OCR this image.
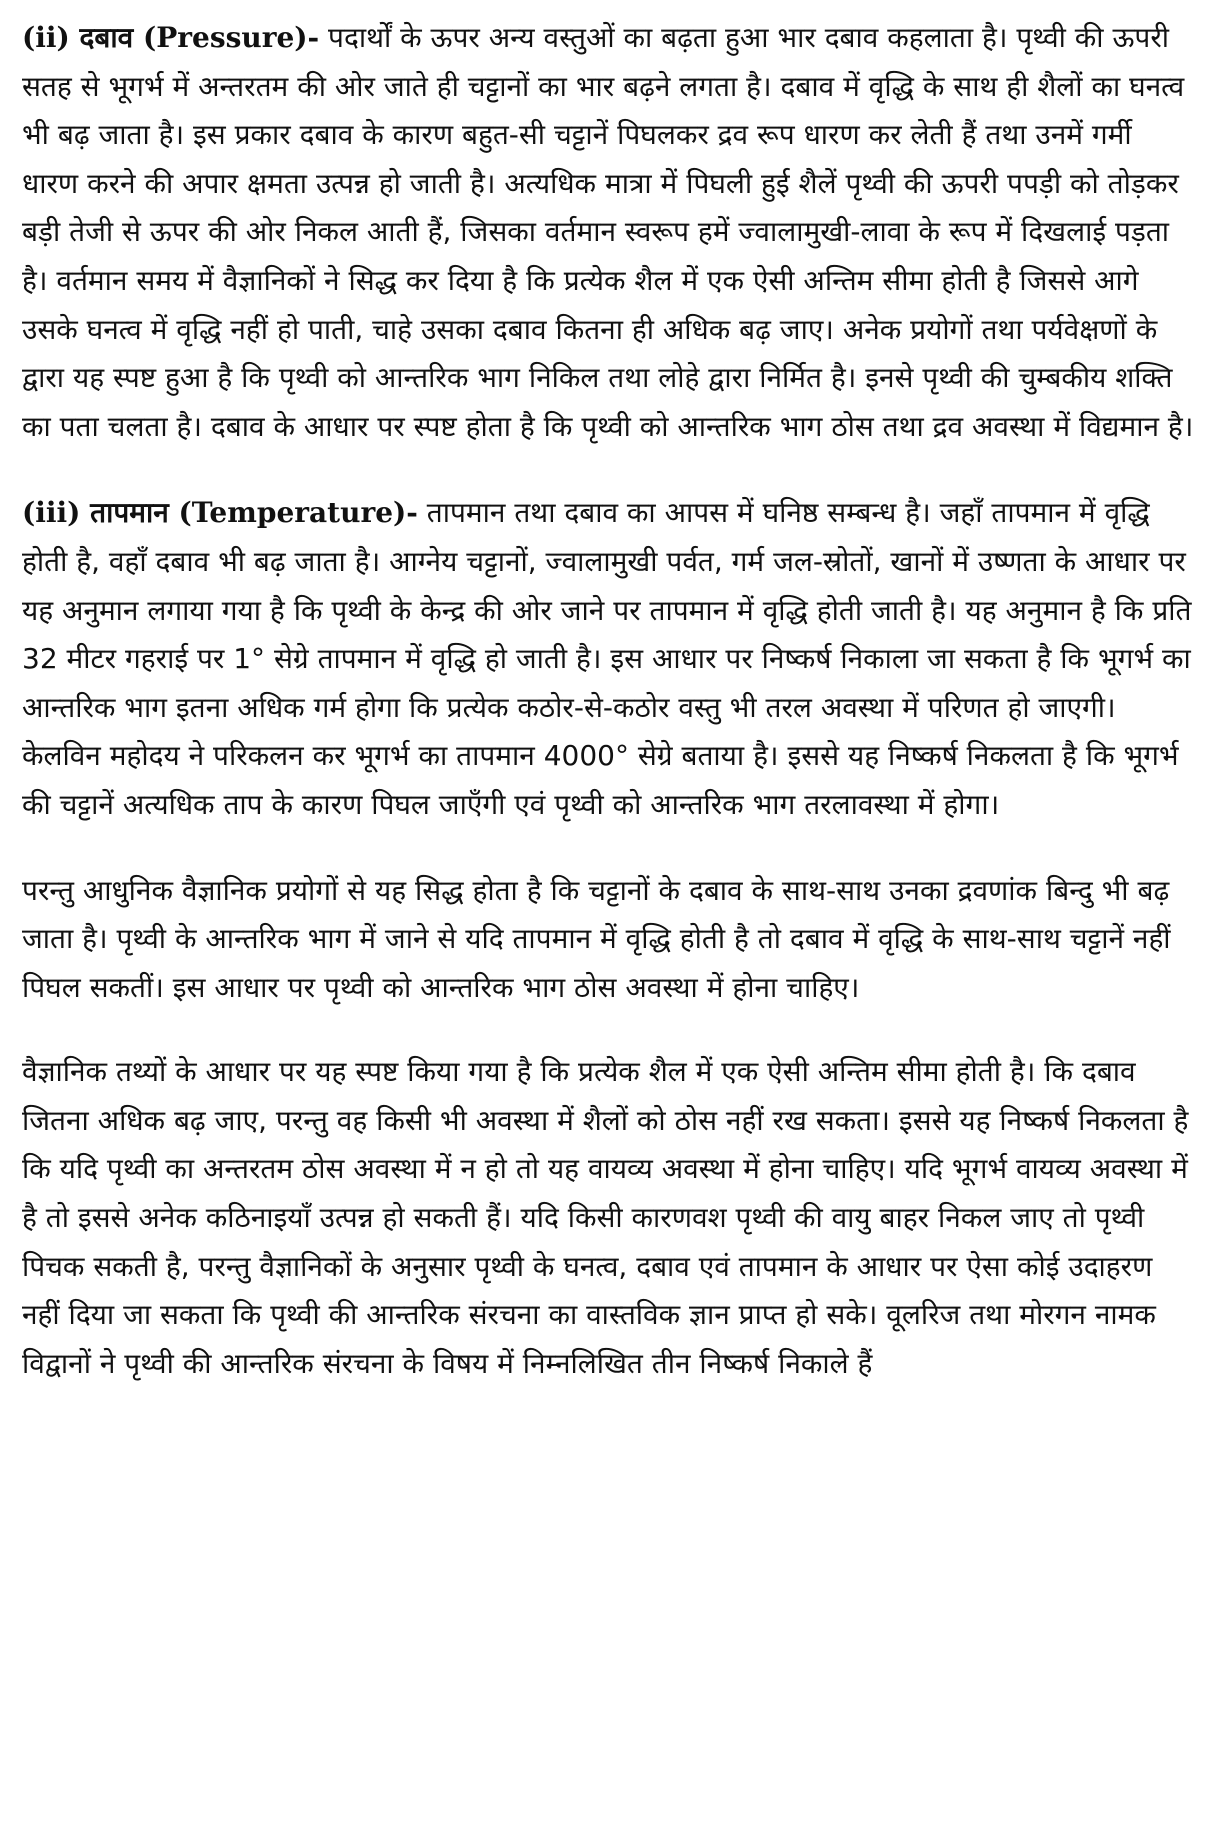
(ii) दबाव (Pressure)- पदार्थों के ऊपर अन्य वस्तुओं का बढ़ता हुआ भार दबाव कहलाता है। पृथ्वी की ऊपरी सतह से भूगर्भ में अन्तरतम की ओर जाते ही चट्टानों का भार बढ़ने लगता है। दबाव में वृद्धि के साथ ही शैलों का घनत्व भी बढ़ जाता है। इस प्रकार दबाव के कारण बहुत-सी चट्टानें पिघलकर द्रव रूप धारण कर लेती हैं तथा उनमें गर्मी धारण करने की अपार क्षमता उत्पन्न हो जाती है। अत्यधिक मात्रा में पिघली हुई शैलें पृथ्वी की ऊपरी पपड़ी को तोड़कर बड़ी तेजी से ऊपर की ओर निकल आती हैं, जिसका वर्तमान स्वरूप हमें ज्वालामुखी-लावा के रूप में दिखलाई पड़ता है। वर्तमान समय में वैज्ञानिकों ने सिद्ध कर दिया है कि प्रत्येक शैल में एक ऐसी अन्तिम सीमा होती है जिससे आगे उसके घनत्व में वृद्धि नहीं हो पाती, चाहे उसका दबाव कितना ही अधिक बढ़ जाए। अनेक प्रयोगों तथा पर्यवेक्षणों के द्वारा यह स्पष्ट हुआ है कि पृथ्वी को आन्तरिक भाग निकिल तथा लोहे द्वारा निर्मित है। इनसे पृथ्वी की चुम्बकीय शक्ति का पता चलता है। दबाव के आधार पर स्पष्ट होता है कि पृथ्वी को आन्तरिक भाग ठोस तथा द्रव अवस्था में विद्यमान है।

(iii) तापमान (Temperature)- तापमान तथा दबाव का आपस में घनिष्ठ सम्बन्ध है। जहाँ तापमान में वृद्धि होती है, वहाँ दबाव भी बढ़ जाता है। आग्नेय चट्टानों, ज्वालामुखी पर्वत, गर्म जल-स्रोतों, खानों में उष्णता के आधार पर यह अनुमान लगाया गया है कि पृथ्वी के केन्द्र की ओर जाने पर तापमान में वृद्धि होती जाती है। यह अनुमान है कि प्रति 32 मीटर गहराई पर 1° सेग्रे तापमान में वृद्धि हो जाती है। इस आधार पर निष्कर्ष निकाला जा सकता है कि भूगर्भ का आन्तरिक भाग इतना अधिक गर्म होगा कि प्रत्येक कठोर-से-कठोर वस्तु भी तरल अवस्था में परिणत हो जाएगी। केलविन महोदय ने परिकलन कर भूगर्भ का तापमान 4000° सेग्रे बताया है। इससे यह निष्कर्ष निकलता है कि भूगर्भ की चट्टानें अत्यधिक ताप के कारण पिघल जाएँगी एवं पृथ्वी को आन्तरिक भाग तरलावस्था में होगा।

परन्तु आधुनिक वैज्ञानिक प्रयोगों से यह सिद्ध होता है कि चट्टानों के दबाव के साथ-साथ उनका द्रवणांक बिन्दु भी बढ़ जाता है। पृथ्वी के आन्तरिक भाग में जाने से यदि तापमान में वृद्धि होती है तो दबाव में वृद्धि के साथ-साथ चट्टानें नहीं पिघल सकतीं। इस आधार पर पृथ्वी को आन्तरिक भाग ठोस अवस्था में होना चाहिए।

वैज्ञानिक तथ्यों के आधार पर यह स्पष्ट किया गया है कि प्रत्येक शैल में एक ऐसी अन्तिम सीमा होती है। कि दबाव जितना अधिक बढ़ जाए, परन्तु वह किसी भी अवस्था में शैलों को ठोस नहीं रख सकता। इससे यह निष्कर्ष निकलता है कि यदि पृथ्वी का अन्तरतम ठोस अवस्था में न हो तो यह वायव्य अवस्था में होना चाहिए। यदि भूगर्भ वायव्य अवस्था में है तो इससे अनेक कठिनाइयाँ उत्पन्न हो सकती हैं। यदि किसी कारणवश पृथ्वी की वायु बाहर निकल जाए तो पृथ्वी पिचक सकती है, परन्तु वैज्ञानिकों के अनुसार पृथ्वी के घनत्व, दबाव एवं तापमान के आधार पर ऐसा कोई उदाहरण नहीं दिया जा सकता कि पृथ्वी की आन्तरिक संरचना का वास्तविक ज्ञान प्राप्त हो सके। वूलरिज तथा मोरगन नामक विद्वानों ने पृथ्वी की आन्तरिक संरचना के विषय में निम्नलिखित तीन निष्कर्ष निकाले हैं
